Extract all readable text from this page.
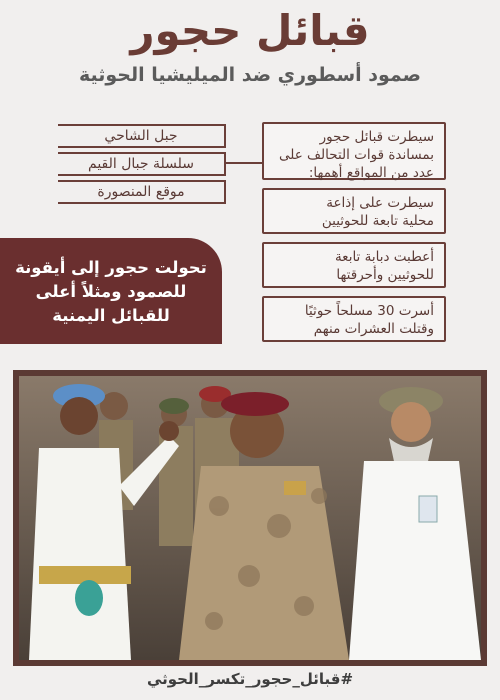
قبائل حجور
صمود أسطوري ضد الميليشيا الحوثية
سيطرت قبائل حجور
بمساندة قوات التحالف على
عدد من المواقع أهمها:
سيطرت على إذاعة
محلية تابعة للحوثيين
أعطبت دبابة تابعة
للحوثيين وأحرقتها
أسرت 30 مسلحاً حوثيًا
وقتلت العشرات منهم
جبل الشاحي
سلسلة جبال القيم
موقع المنصورة
تحولت حجور إلى أيقونة
للصمود ومثلاً أعلى
للقبائل اليمنية
#قبائل_حجور_تكسر_الحوثي
